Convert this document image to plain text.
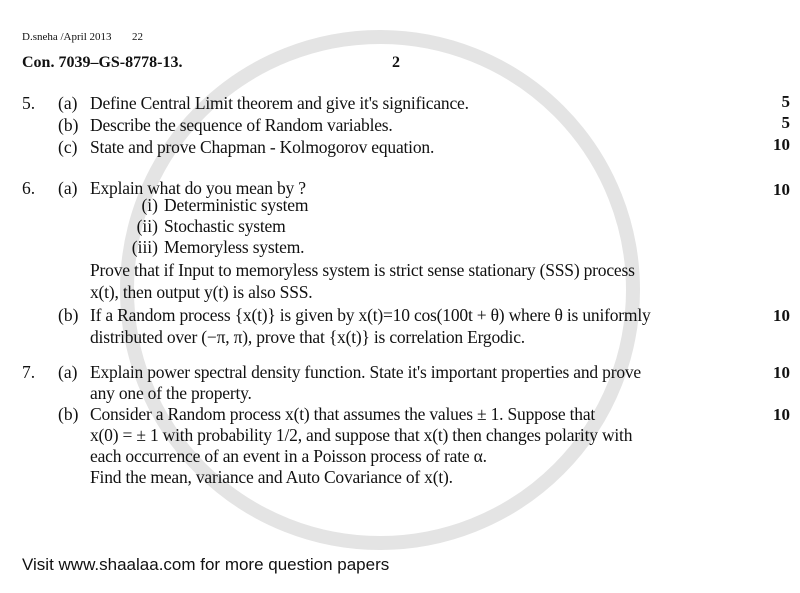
D.sneha /April 2013 22
Con. 7039–GS-8778-13.	2
5. (a) Define Central Limit theorem and give it's significance.	5
(b) Describe the sequence of Random variables.	5
(c) State and prove Chapman - Kolmogorov equation.	10
6. (a) Explain what do you mean by ?	10
(i) Deterministic system
(ii) Stochastic system
(iii) Memoryless system.
Prove that if Input to memoryless system is strict sense stationary (SSS) process
x(t), then output y(t) is also SSS.
(b) If a Random process {x(t)} is given by x(t)=10 cos(100t + θ) where θ is uniformly	10
distributed over (−π, π), prove that {x(t)} is correlation Ergodic.
7. (a) Explain power spectral density function. State it's important properties and prove	10
any one of the property.
(b) Consider a Random process x(t) that assumes the values ± 1. Suppose that	10
x(0) = ± 1 with probability 1/2, and suppose that x(t) then changes polarity with
each occurrence of an event in a Poisson process of rate α.
Find the mean, variance and Auto Covariance of x(t).
Visit www.shaalaa.com for more question papers
